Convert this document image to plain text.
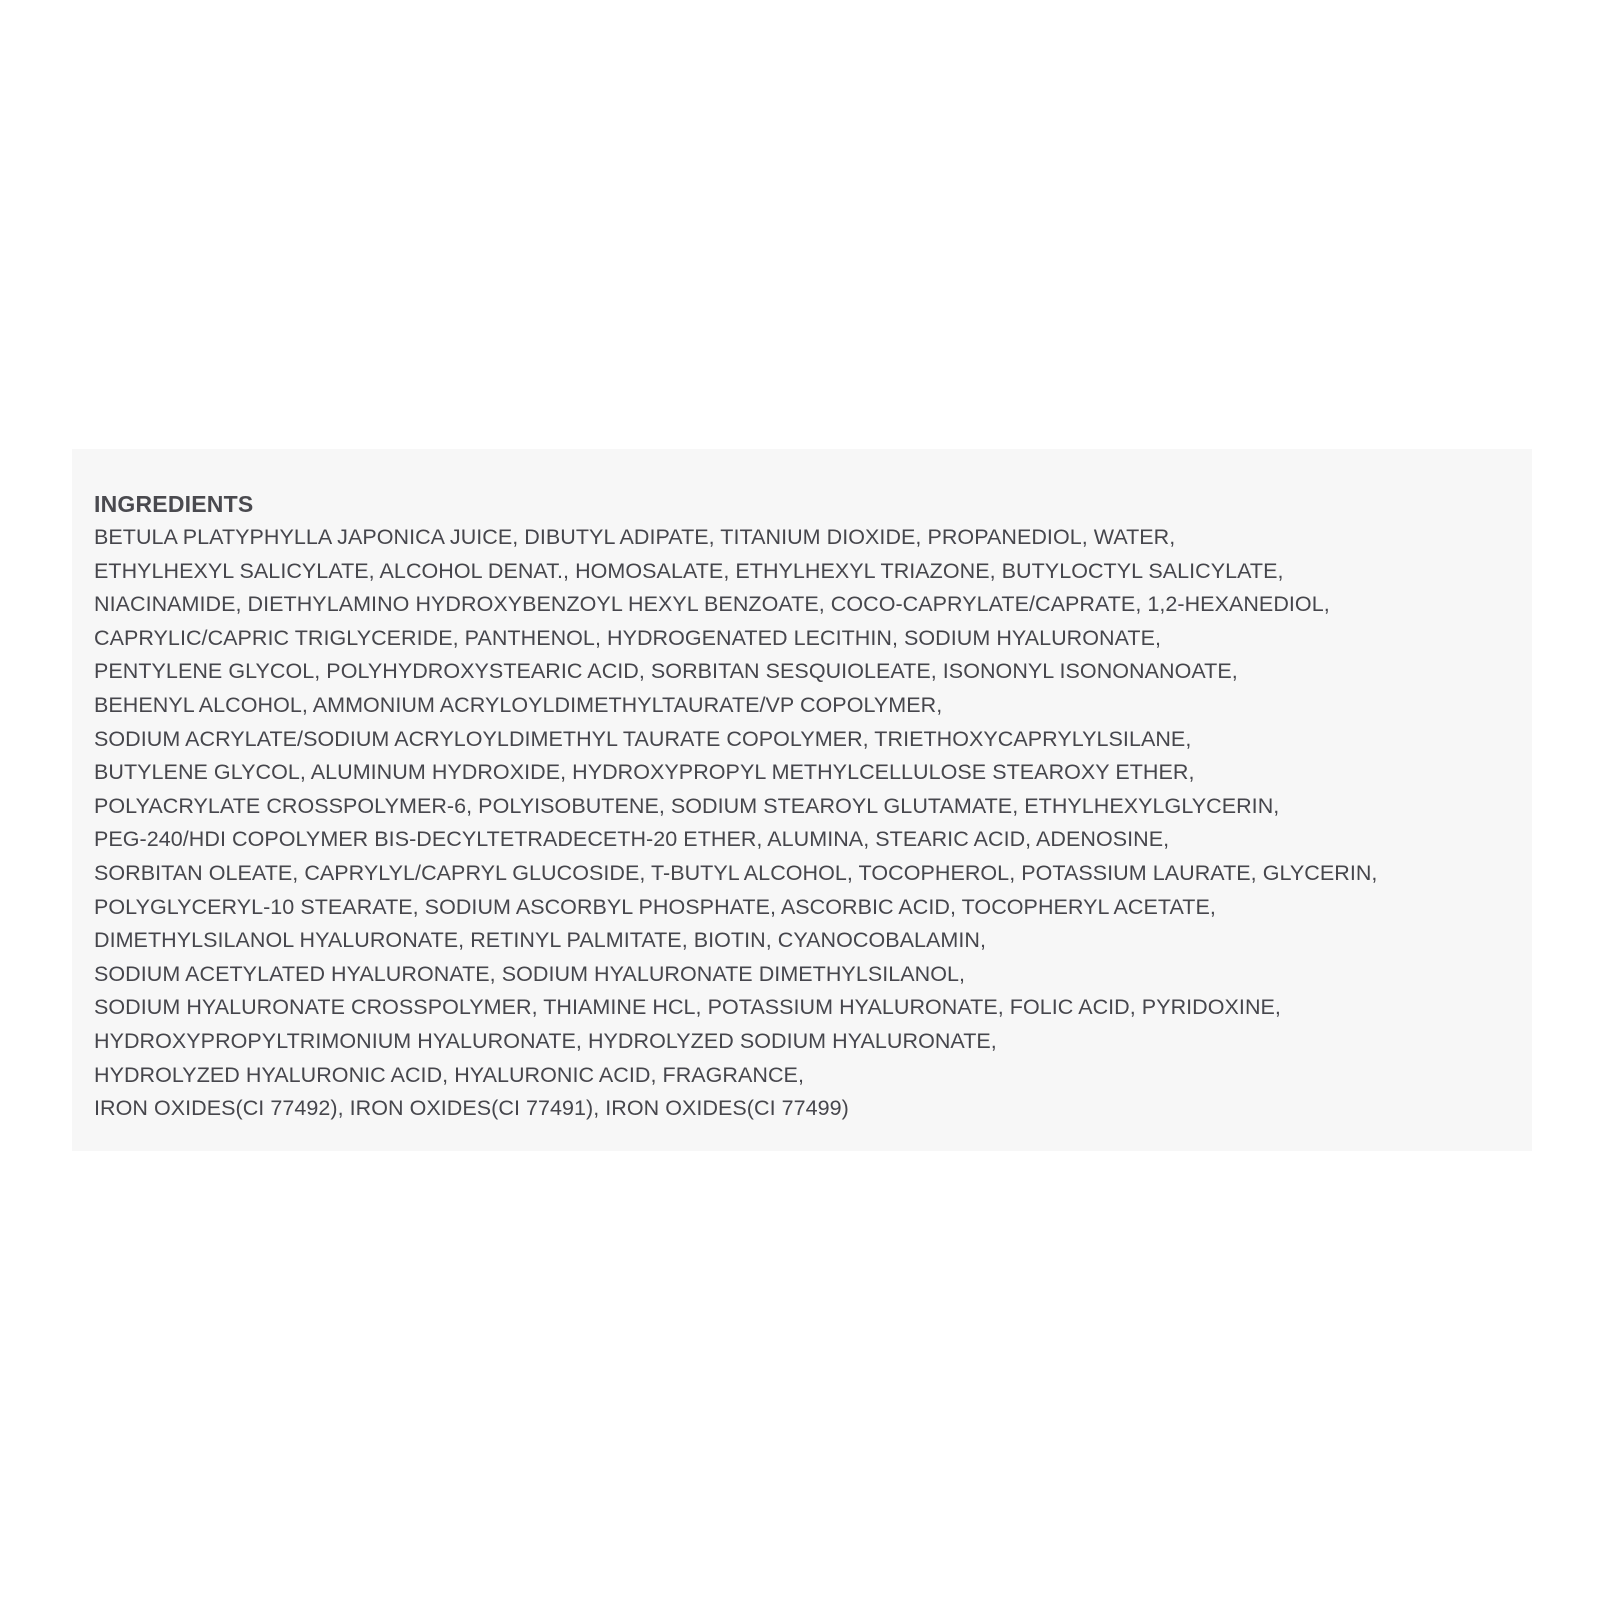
INGREDIENTS
BETULA PLATYPHYLLA JAPONICA JUICE, DIBUTYL ADIPATE, TITANIUM DIOXIDE, PROPANEDIOL, WATER,
ETHYLHEXYL SALICYLATE, ALCOHOL DENAT., HOMOSALATE, ETHYLHEXYL TRIAZONE, BUTYLOCTYL SALICYLATE,
NIACINAMIDE, DIETHYLAMINO HYDROXYBENZOYL HEXYL BENZOATE, COCO-CAPRYLATE/CAPRATE, 1,2-HEXANEDIOL,
CAPRYLIC/CAPRIC TRIGLYCERIDE, PANTHENOL, HYDROGENATED LECITHIN, SODIUM HYALURONATE,
PENTYLENE GLYCOL, POLYHYDROXYSTEARIC ACID, SORBITAN SESQUIOLEATE, ISONONYL ISONONANOATE,
BEHENYL ALCOHOL, AMMONIUM ACRYLOYLDIMETHYLTAURATE/VP COPOLYMER,
SODIUM ACRYLATE/SODIUM ACRYLOYLDIMETHYL TAURATE COPOLYMER, TRIETHOXYCAPRYLYLSILANE,
BUTYLENE GLYCOL, ALUMINUM HYDROXIDE, HYDROXYPROPYL METHYLCELLULOSE STEAROXY ETHER,
POLYACRYLATE CROSSPOLYMER-6, POLYISOBUTENE, SODIUM STEAROYL GLUTAMATE, ETHYLHEXYLGLYCERIN,
PEG-240/HDI COPOLYMER BIS-DECYLTETRADECETH-20 ETHER, ALUMINA, STEARIC ACID, ADENOSINE,
SORBITAN OLEATE, CAPRYLYL/CAPRYL GLUCOSIDE, T-BUTYL ALCOHOL, TOCOPHEROL, POTASSIUM LAURATE, GLYCERIN,
POLYGLYCERYL-10 STEARATE, SODIUM ASCORBYL PHOSPHATE, ASCORBIC ACID, TOCOPHERYL ACETATE,
DIMETHYLSILANOL HYALURONATE, RETINYL PALMITATE, BIOTIN, CYANOCOBALAMIN,
SODIUM ACETYLATED HYALURONATE, SODIUM HYALURONATE DIMETHYLSILANOL,
SODIUM HYALURONATE CROSSPOLYMER, THIAMINE HCL, POTASSIUM HYALURONATE, FOLIC ACID, PYRIDOXINE,
HYDROXYPROPYLTRIMONIUM HYALURONATE, HYDROLYZED SODIUM HYALURONATE,
HYDROLYZED HYALURONIC ACID, HYALURONIC ACID, FRAGRANCE,
IRON OXIDES(CI 77492), IRON OXIDES(CI 77491), IRON OXIDES(CI 77499)
